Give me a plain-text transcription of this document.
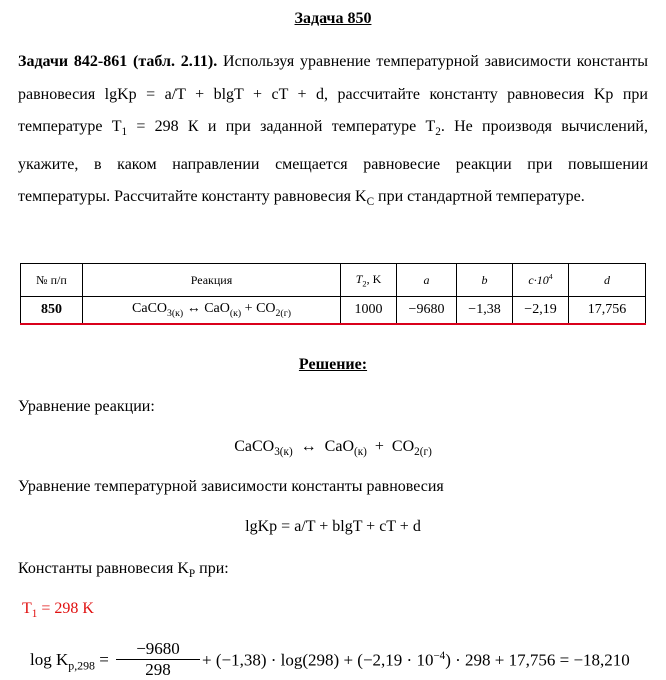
Задача 850
Задачи 842-861 (табл. 2.11). Используя уравнение температурной зависимости константы равновесия lgKp = a/T + blgT + cT + d, рассчитайте константу равновесия Kp при температуре $T_1 = 298$ К и при заданной температуре $T_2$. Не производя вычислений, укажите, в каком направлении смещается равновесие реакции при повышении температуры. Рассчитайте константу равновесия $K_C$ при стандартной температуре.
№ п/п	Реакция	$T_2$, K	a	b	$c\cdot 10^4$	d
850	CaCO$_{3(к)}$ ↔ $CaO_{(к)} + CO_{2(г)}$	1000	−9680	−1,38	−2,19	17,756
Решение:
Уравнение реакции:
CaCO$_{3(к)}$  ↔  $CaO_{(к)} + CO_{2(г)}$
Уравнение температурной зависимости константы равновесия
lgKp = a/T + blgT + cT + d
Константы равновесия $K_P$ при:
$T_1 = 298$ K
$\log K_{p,298} = \frac{-9680}{298} + (-1,38) \cdot \log(298) + (-2,19 \cdot 10^{-4}) \cdot 298 + 17,756 = -18,210$
